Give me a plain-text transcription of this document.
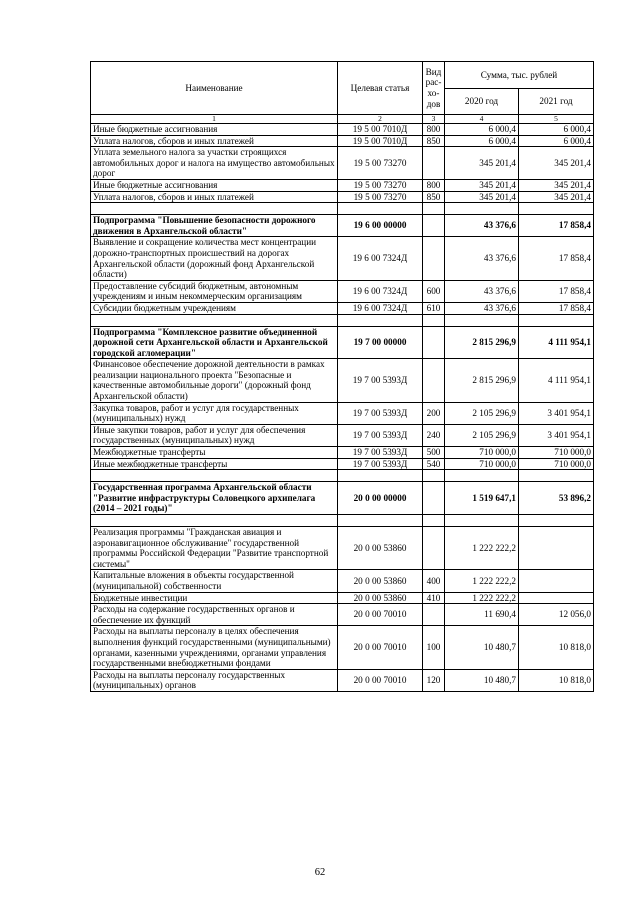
Наименование	Целевая статья	Вид рас-хо-дов	Сумма, тыс. рублей	
			2020 год	2021 год
1	2	3	4	5
Иные бюджетные ассигнования	19 5 00 7010Д	800	6 000,4	6 000,4
Уплата налогов, сборов и иных платежей	19 5 00 7010Д	850	6 000,4	6 000,4
Уплата земельного налога за участки строящихся автомобильных дорог и налога на имущество автомобильных дорог	19 5 00 73270		345 201,4	345 201,4
Иные бюджетные ассигнования	19 5 00 73270	800	345 201,4	345 201,4
Уплата налогов, сборов и иных платежей	19 5 00 73270	850	345 201,4	345 201,4

Подпрограмма "Повышение безопасности дорожного движения в Архангельской области"	19 6 00 00000		43 376,6	17 858,4
Выявление и сокращение количества мест концентрации дорожно-транспортных происшествий на дорогах Архангельской области (дорожный фонд Архангельской области)	19 6 00 7324Д		43 376,6	17 858,4
Предоставление субсидий бюджетным, автономным учреждениям и иным некоммерческим организациям	19 6 00 7324Д	600	43 376,6	17 858,4
Субсидии бюджетным учреждениям	19 6 00 7324Д	610	43 376,6	17 858,4

Подпрограмма "Комплексное развитие объединенной дорожной сети Архангельской области и Архангельской городской агломерации"	19 7 00 00000		2 815 296,9	4 111 954,1
Финансовое обеспечение дорожной деятельности в рамках реализации национального проекта "Безопасные и качественные автомобильные дороги" (дорожный фонд Архангельской области)	19 7 00 5393Д		2 815 296,9	4 111 954,1
Закупка товаров, работ и услуг для государственных (муниципальных) нужд	19 7 00 5393Д	200	2 105 296,9	3 401 954,1
Иные закупки товаров, работ и услуг для обеспечения государственных (муниципальных) нужд	19 7 00 5393Д	240	2 105 296,9	3 401 954,1
Межбюджетные трансферты	19 7 00 5393Д	500	710 000,0	710 000,0
Иные межбюджетные трансферты	19 7 00 5393Д	540	710 000,0	710 000,0

Государственная программа Архангельской области "Развитие инфраструктуры Соловецкого архипелага (2014 – 2021 годы)"	20 0 00 00000		1 519 647,1	53 896,2

Реализация программы "Гражданская авиация и аэронавигационное обслуживание" государственной программы Российской Федерации "Развитие транспортной системы"	20 0 00 53860		1 222 222,2	
Капитальные вложения в объекты государственной (муниципальной) собственности	20 0 00 53860	400	1 222 222,2	
Бюджетные инвестиции	20 0 00 53860	410	1 222 222,2	
Расходы на содержание государственных органов и обеспечение их функций	20 0 00 70010		11 690,4	12 056,0
Расходы на выплаты персоналу в целях обеспечения выполнения функций государственными (муниципальными) органами, казенными учреждениями, органами управления государственными внебюджетными фондами	20 0 00 70010	100	10 480,7	10 818,0
Расходы на выплаты персоналу государственных (муниципальных) органов	20 0 00 70010	120	10 480,7	10 818,0
62
